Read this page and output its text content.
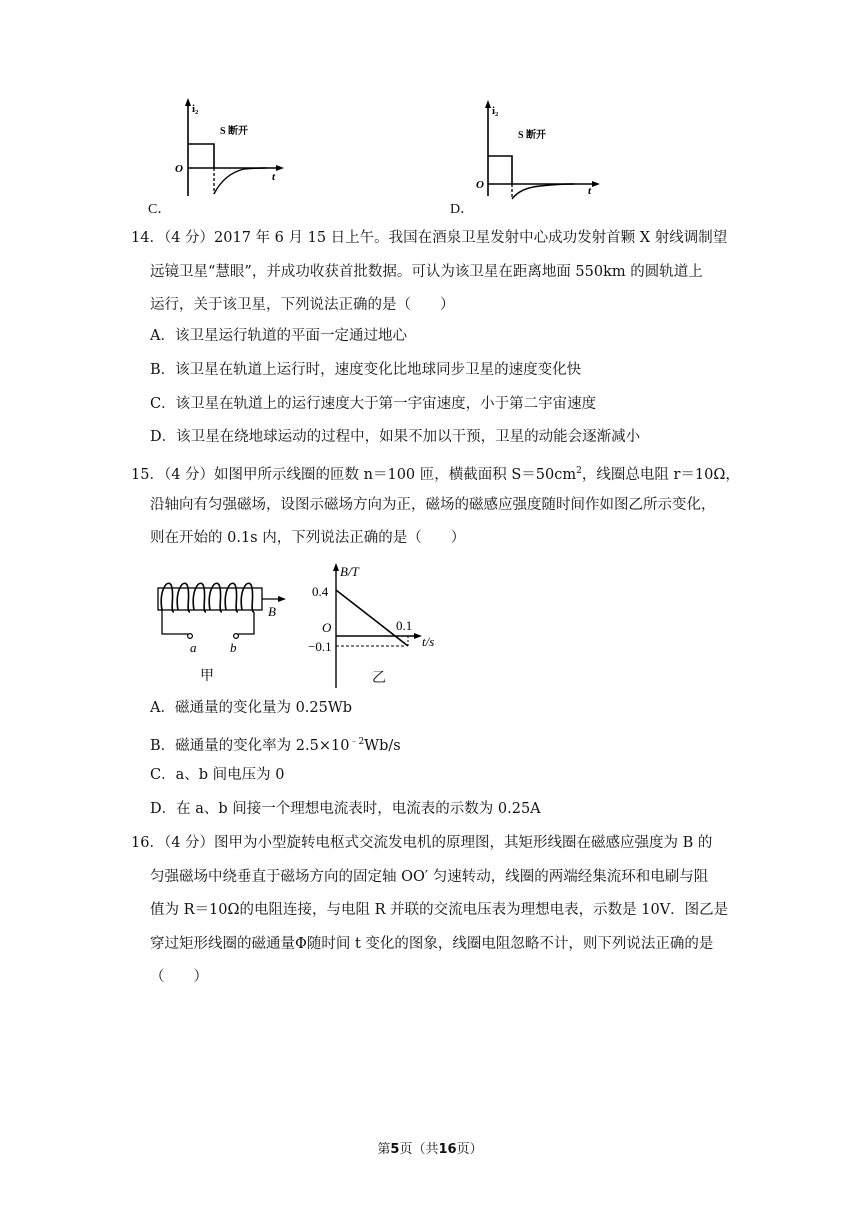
C．
i₂
O
t
S 断开
D．
i₂
O	t
S 断开
14．（4 分）2017 年 6 月 15 日上午。我国在酒泉卫星发射中心成功发射首颗 X 射线调制望
远镜卫星“慧眼”，并成功收获首批数据。可认为该卫星在距离地面 550km 的圆轨道上
运行，关于该卫星，下列说法正确的是（　　）
A．该卫星运行轨道的平面一定通过地心
B．该卫星在轨道上运行时，速度变化比地球同步卫星的速度变化快
C．该卫星在轨道上的运行速度大于第一宇宙速度，小于第二宇宙速度
D．该卫星在绕地球运动的过程中，如果不加以干预，卫星的动能会逐渐减小
15．（4 分）如图甲所示线圈的匝数 n＝100 匝，横截面积 $S=50cm^2$，线圈总电阻 r＝10Ω，
沿轴向有匀强磁场，设图示磁场方向为正，磁场的磁感应强度随时间作如图乙所示变化，
则在开始的 0.1s 内，下列说法正确的是（　　）
B
a	b
甲
B/T
0.4
O
−0.1
0.1
t/s
乙
A．磁通量的变化量为 0.25Wb
B．磁通量的变化率为 $2.5\times 10^{﹣2}Wb/s$
C．a、b 间电压为 0
D．在 a、b 间接一个理想电流表时，电流表的示数为 0.25A
16．（4 分）图甲为小型旋转电枢式交流发电机的原理图，其矩形线圈在磁感应强度为 B 的
匀强磁场中绕垂直于磁场方向的固定轴 OO′ 匀速转动，线圈的两端经集流环和电刷与阻
值为 R＝10Ω的电阻连接，与电阻 R 并联的交流电压表为理想电表，示数是 10V．图乙是
穿过矩形线圈的磁通量Φ随时间 t 变化的图象，线圈电阻忽略不计，则下列说法正确的是
（　　）
第5页（共16页）
